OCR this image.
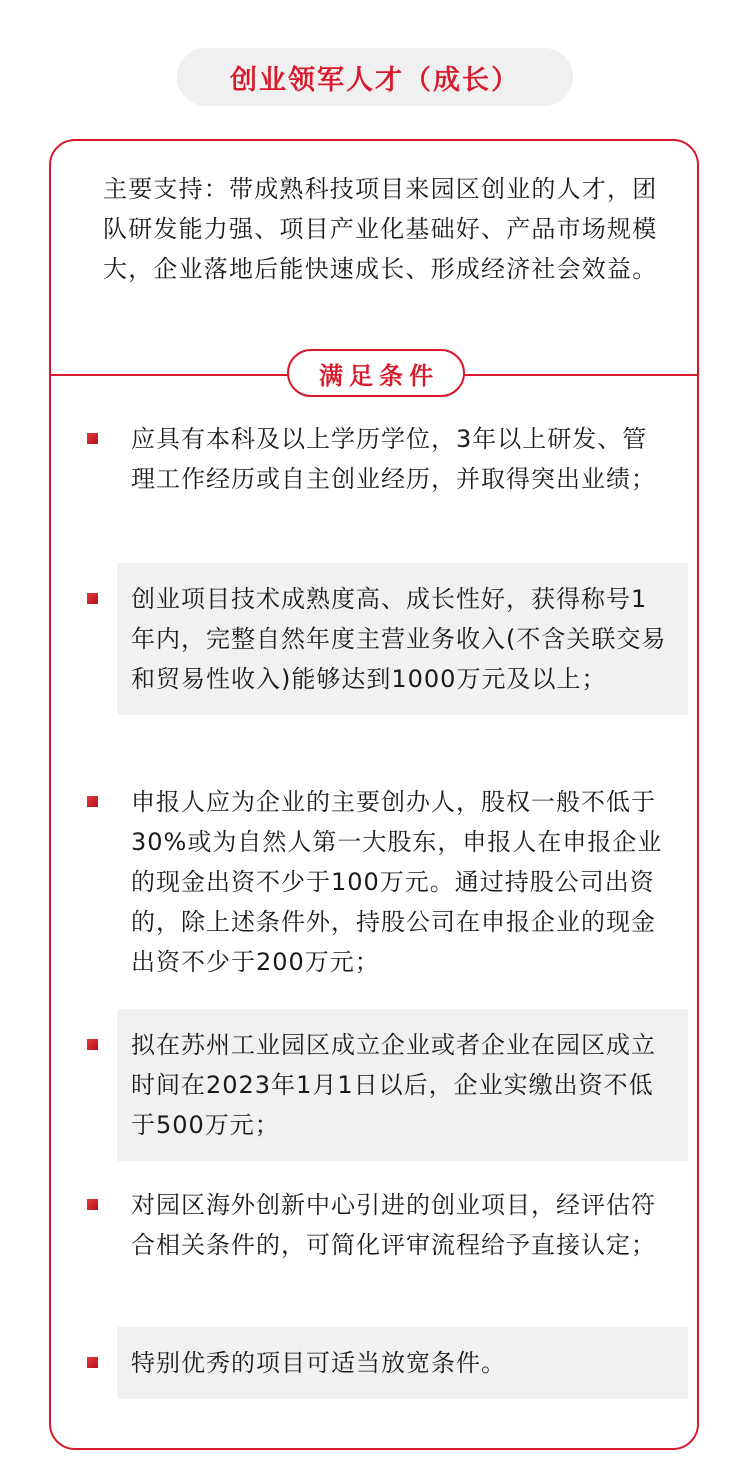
创业领军人才（成长）
主要支持：带成熟科技项目来园区创业的人才，团队研发能力强、项目产业化基础好、产品市场规模大，企业落地后能快速成长、形成经济社会效益。
满足条件
应具有本科及以上学历学位，3年以上研发、管理工作经历或自主创业经历，并取得突出业绩；
创业项目技术成熟度高、成长性好，获得称号1年内，完整自然年度主营业务收入(不含关联交易和贸易性收入)能够达到1000万元及以上；
申报人应为企业的主要创办人，股权一般不低于30%或为自然人第一大股东，申报人在申报企业的现金出资不少于100万元。通过持股公司出资的，除上述条件外，持股公司在申报企业的现金出资不少于200万元；
拟在苏州工业园区成立企业或者企业在园区成立时间在2023年1月1日以后，企业实缴出资不低于500万元；
对园区海外创新中心引进的创业项目，经评估符合相关条件的，可简化评审流程给予直接认定；
特别优秀的项目可适当放宽条件。
